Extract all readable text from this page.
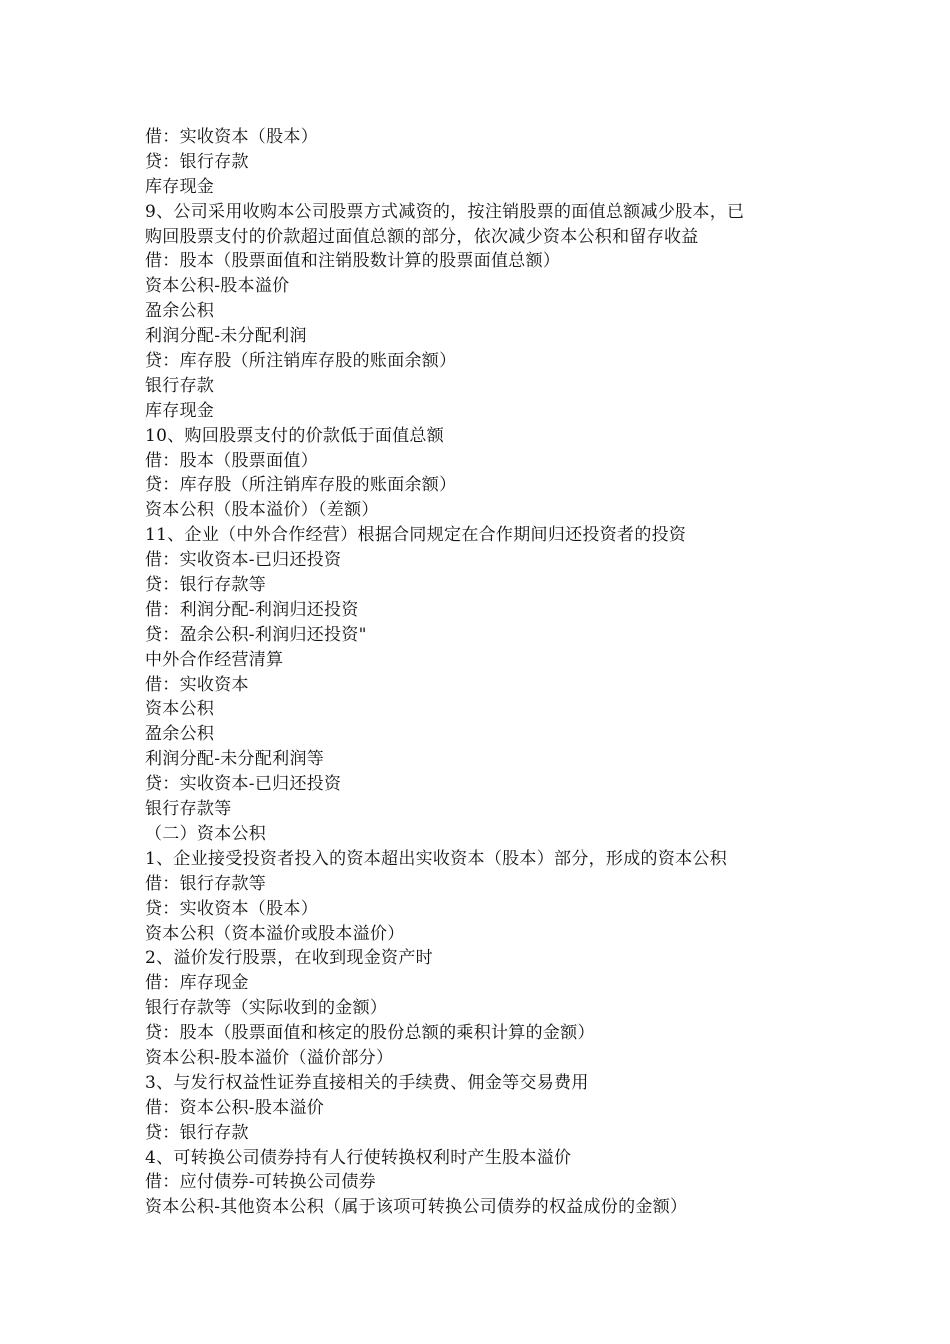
借：实收资本（股本）
贷：银行存款
库存现金
9、公司采用收购本公司股票方式减资的，按注销股票的面值总额减少股本，已
购回股票支付的价款超过面值总额的部分，依次减少资本公积和留存收益
借：股本（股票面值和注销股数计算的股票面值总额）
资本公积-股本溢价
盈余公积
利润分配-未分配利润
贷：库存股（所注销库存股的账面余额）
银行存款
库存现金
10、购回股票支付的价款低于面值总额
借：股本（股票面值）
贷：库存股（所注销库存股的账面余额）
资本公积（股本溢价）（差额）
11、企业（中外合作经营）根据合同规定在合作期间归还投资者的投资
借：实收资本-已归还投资
贷：银行存款等
借：利润分配-利润归还投资
贷：盈余公积-利润归还投资"
中外合作经营清算
借：实收资本
资本公积
盈余公积
利润分配-未分配利润等
贷：实收资本-已归还投资
银行存款等
（二）资本公积
1、企业接受投资者投入的资本超出实收资本（股本）部分，形成的资本公积
借：银行存款等
贷：实收资本（股本）
资本公积（资本溢价或股本溢价）
2、溢价发行股票，在收到现金资产时
借：库存现金
银行存款等（实际收到的金额）
贷：股本（股票面值和核定的股份总额的乘积计算的金额）
资本公积-股本溢价（溢价部分）
3、与发行权益性证券直接相关的手续费、佣金等交易费用
借：资本公积-股本溢价
贷：银行存款
4、可转换公司债券持有人行使转换权利时产生股本溢价
借：应付债券-可转换公司债券
资本公积-其他资本公积（属于该项可转换公司债券的权益成份的金额）
